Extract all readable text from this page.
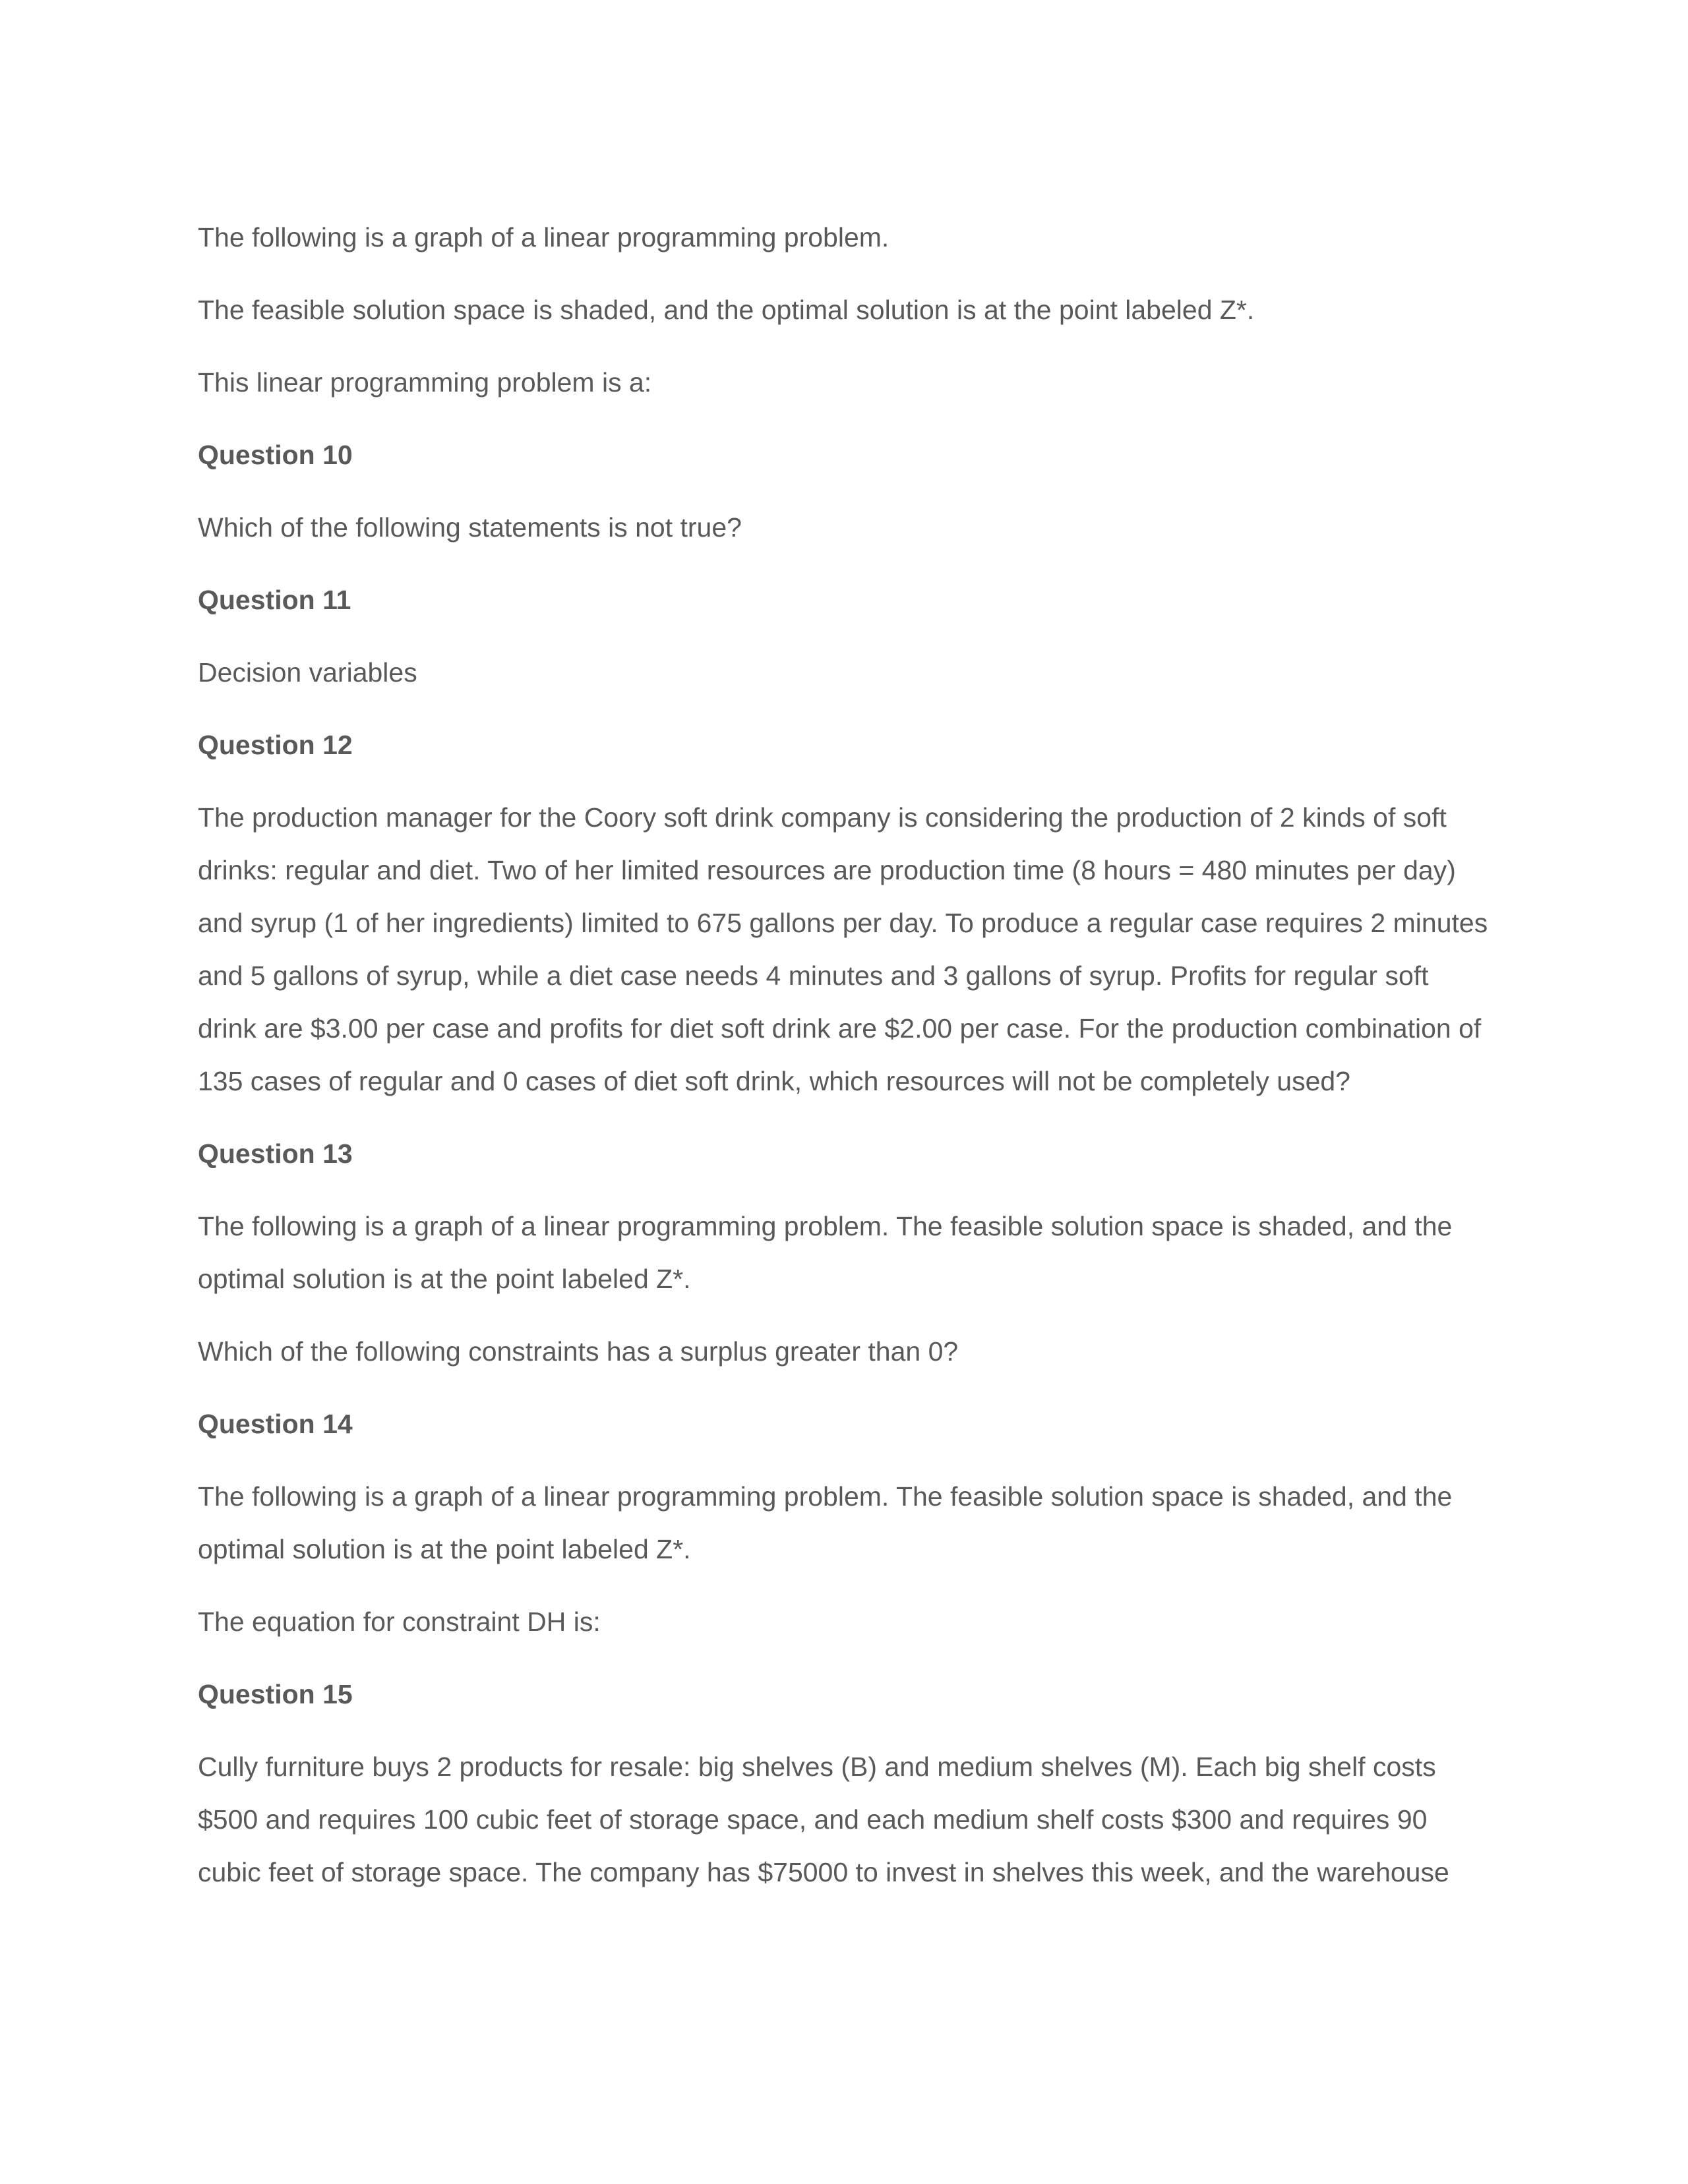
The following is a graph of a linear programming problem.

The feasible solution space is shaded, and the optimal solution is at the point labeled Z*.

This linear programming problem is a:

Question 10

Which of the following statements is not true?

Question 11

Decision variables

Question 12

The production manager for the Coory soft drink company is considering the production of 2 kinds of soft drinks: regular and diet. Two of her limited resources are production time (8 hours = 480 minutes per day) and syrup (1 of her ingredients) limited to 675 gallons per day. To produce a regular case requires 2 minutes and 5 gallons of syrup, while a diet case needs 4 minutes and 3 gallons of syrup. Profits for regular soft drink are $3.00 per case and profits for diet soft drink are $2.00 per case. For the production combination of 135 cases of regular and 0 cases of diet soft drink, which resources will not be completely used?

Question 13

The following is a graph of a linear programming problem. The feasible solution space is shaded, and the optimal solution is at the point labeled Z*.

Which of the following constraints has a surplus greater than 0?

Question 14

The following is a graph of a linear programming problem. The feasible solution space is shaded, and the optimal solution is at the point labeled Z*.

The equation for constraint DH is:

Question 15

Cully furniture buys 2 products for resale: big shelves (B) and medium shelves (M). Each big shelf costs $500 and requires 100 cubic feet of storage space, and each medium shelf costs $300 and requires 90 cubic feet of storage space. The company has $75000 to invest in shelves this week, and the warehouse
